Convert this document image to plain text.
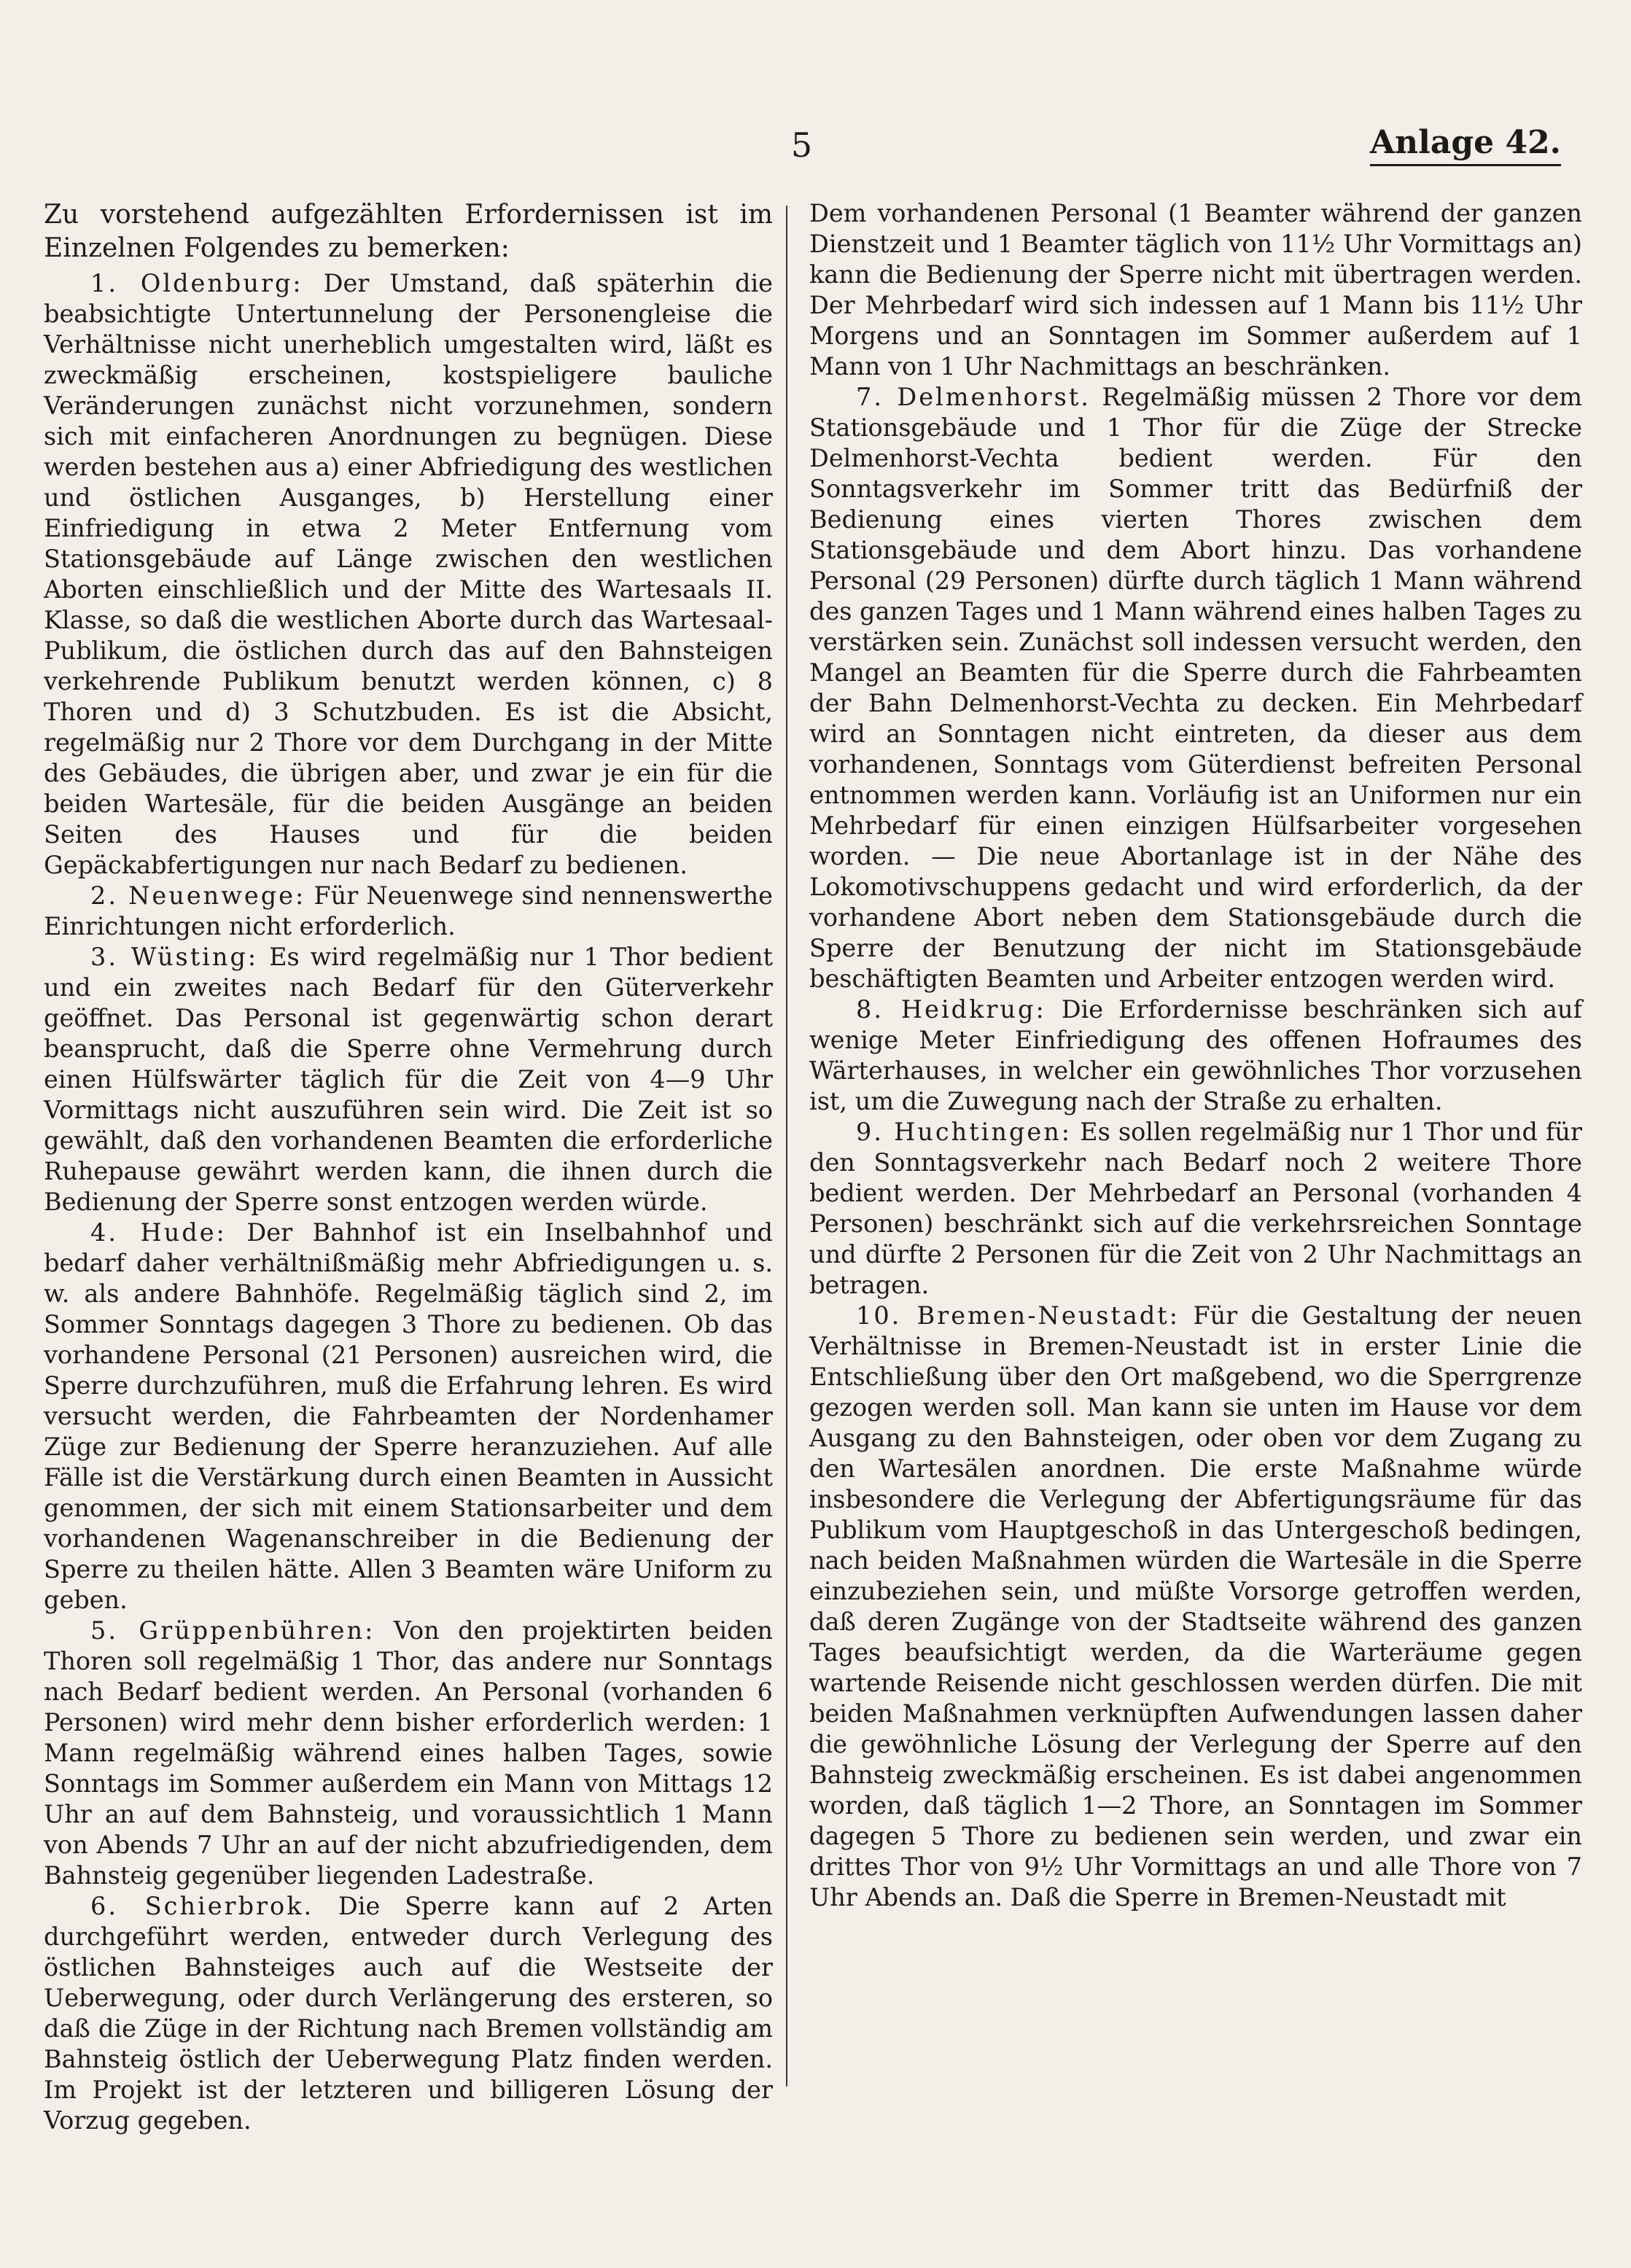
5	Anlage 42.

Zu vorstehend aufgezählten Erfordernissen ist im Einzelnen Folgendes zu bemerken:

1. Oldenburg: Der Umstand, daß späterhin die beabsichtigte Untertunnelung der Personengleise die Verhältnisse nicht unerheblich umgestalten wird, läßt es zweckmäßig erscheinen, kostspieligere bauliche Veränderungen zunächst nicht vorzunehmen, sondern sich mit einfacheren Anordnungen zu begnügen. Diese werden bestehen aus a) einer Abfriedigung des westlichen und östlichen Ausganges, b) Herstellung einer Einfriedigung in etwa 2 Meter Entfernung vom Stationsgebäude auf Länge zwischen den westlichen Aborten einschließlich und der Mitte des Wartesaals II. Klasse, so daß die westlichen Aborte durch das Wartesaal-Publikum, die östlichen durch das auf den Bahnsteigen verkehrende Publikum benutzt werden können, c) 8 Thoren und d) 3 Schutzbuden. Es ist die Absicht, regelmäßig nur 2 Thore vor dem Durchgang in der Mitte des Gebäudes, die übrigen aber, und zwar je ein für die beiden Wartesäle, für die beiden Ausgänge an beiden Seiten des Hauses und für die beiden Gepäckabfertigungen nur nach Bedarf zu bedienen.

2. Neuenwege: Für Neuenwege sind nennenswerthe Einrichtungen nicht erforderlich.

3. Wüsting: Es wird regelmäßig nur 1 Thor bedient und ein zweites nach Bedarf für den Güterverkehr geöffnet. Das Personal ist gegenwärtig schon derart beansprucht, daß die Sperre ohne Vermehrung durch einen Hülfswärter täglich für die Zeit von 4—9 Uhr Vormittags nicht auszuführen sein wird. Die Zeit ist so gewählt, daß den vorhandenen Beamten die erforderliche Ruhepause gewährt werden kann, die ihnen durch die Bedienung der Sperre sonst entzogen werden würde.

4. Hude: Der Bahnhof ist ein Inselbahnhof und bedarf daher verhältnißmäßig mehr Abfriedigungen u. s. w. als andere Bahnhöfe. Regelmäßig täglich sind 2, im Sommer Sonntags dagegen 3 Thore zu bedienen. Ob das vorhandene Personal (21 Personen) ausreichen wird, die Sperre durchzuführen, muß die Erfahrung lehren. Es wird versucht werden, die Fahrbeamten der Nordenhamer Züge zur Bedienung der Sperre heranzuziehen. Auf alle Fälle ist die Verstärkung durch einen Beamten in Aussicht genommen, der sich mit einem Stationsarbeiter und dem vorhandenen Wagenanschreiber in die Bedienung der Sperre zu theilen hätte. Allen 3 Beamten wäre Uniform zu geben.

5. Grüppenbühren: Von den projektirten beiden Thoren soll regelmäßig 1 Thor, das andere nur Sonntags nach Bedarf bedient werden. An Personal (vorhanden 6 Personen) wird mehr denn bisher erforderlich werden: 1 Mann regelmäßig während eines halben Tages, sowie Sonntags im Sommer außerdem ein Mann von Mittags 12 Uhr an auf dem Bahnsteig, und voraussichtlich 1 Mann von Abends 7 Uhr an auf der nicht abzufriedigenden, dem Bahnsteig gegenüber liegenden Ladestraße.

6. Schierbrok. Die Sperre kann auf 2 Arten durchgeführt werden, entweder durch Verlegung des östlichen Bahnsteiges auch auf die Westseite der Ueberwegung, oder durch Verlängerung des ersteren, so daß die Züge in der Richtung nach Bremen vollständig am Bahnsteig östlich der Ueberwegung Platz finden werden. Im Projekt ist der letzteren und billigeren Lösung der Vorzug gegeben.

Dem vorhandenen Personal (1 Beamter während der ganzen Dienstzeit und 1 Beamter täglich von 11½ Uhr Vormittags an) kann die Bedienung der Sperre nicht mit übertragen werden. Der Mehrbedarf wird sich indessen auf 1 Mann bis 11½ Uhr Morgens und an Sonntagen im Sommer außerdem auf 1 Mann von 1 Uhr Nachmittags an beschränken.

7. Delmenhorst. Regelmäßig müssen 2 Thore vor dem Stationsgebäude und 1 Thor für die Züge der Strecke Delmenhorst-Vechta bedient werden. Für den Sonntagsverkehr im Sommer tritt das Bedürfniß der Bedienung eines vierten Thores zwischen dem Stationsgebäude und dem Abort hinzu. Das vorhandene Personal (29 Personen) dürfte durch täglich 1 Mann während des ganzen Tages und 1 Mann während eines halben Tages zu verstärken sein. Zunächst soll indessen versucht werden, den Mangel an Beamten für die Sperre durch die Fahrbeamten der Bahn Delmenhorst-Vechta zu decken. Ein Mehrbedarf wird an Sonntagen nicht eintreten, da dieser aus dem vorhandenen, Sonntags vom Güterdienst befreiten Personal entnommen werden kann. Vorläufig ist an Uniformen nur ein Mehrbedarf für einen einzigen Hülfsarbeiter vorgesehen worden. — Die neue Abortanlage ist in der Nähe des Lokomotivschuppens gedacht und wird erforderlich, da der vorhandene Abort neben dem Stationsgebäude durch die Sperre der Benutzung der nicht im Stationsgebäude beschäftigten Beamten und Arbeiter entzogen werden wird.

8. Heidkrug: Die Erfordernisse beschränken sich auf wenige Meter Einfriedigung des offenen Hofraumes des Wärterhauses, in welcher ein gewöhnliches Thor vorzusehen ist, um die Zuwegung nach der Straße zu erhalten.

9. Huchtingen: Es sollen regelmäßig nur 1 Thor und für den Sonntagsverkehr nach Bedarf noch 2 weitere Thore bedient werden. Der Mehrbedarf an Personal (vorhanden 4 Personen) beschränkt sich auf die verkehrsreichen Sonntage und dürfte 2 Personen für die Zeit von 2 Uhr Nachmittags an betragen.

10. Bremen-Neustadt: Für die Gestaltung der neuen Verhältnisse in Bremen-Neustadt ist in erster Linie die Entschließung über den Ort maßgebend, wo die Sperrgrenze gezogen werden soll. Man kann sie unten im Hause vor dem Ausgang zu den Bahnsteigen, oder oben vor dem Zugang zu den Wartesälen anordnen. Die erste Maßnahme würde insbesondere die Verlegung der Abfertigungsräume für das Publikum vom Hauptgeschoß in das Untergeschoß bedingen, nach beiden Maßnahmen würden die Wartesäle in die Sperre einzubeziehen sein, und müßte Vorsorge getroffen werden, daß deren Zugänge von der Stadtseite während des ganzen Tages beaufsichtigt werden, da die Warteräume gegen wartende Reisende nicht geschlossen werden dürfen. Die mit beiden Maßnahmen verknüpften Aufwendungen lassen daher die gewöhnliche Lösung der Verlegung der Sperre auf den Bahnsteig zweckmäßig erscheinen. Es ist dabei angenommen worden, daß täglich 1—2 Thore, an Sonntagen im Sommer dagegen 5 Thore zu bedienen sein werden, und zwar ein drittes Thor von 9½ Uhr Vormittags an und alle Thore von 7 Uhr Abends an. Daß die Sperre in Bremen-Neustadt mit
